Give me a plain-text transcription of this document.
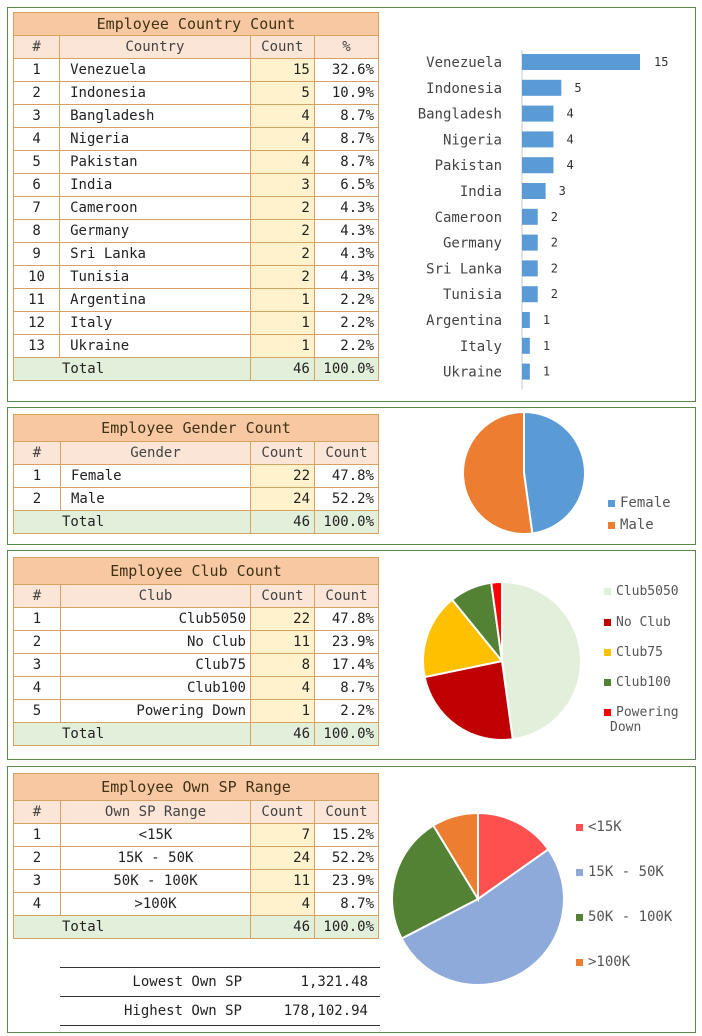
Employee Country Count			
#	Country	Count	%
1	Venezuela	15	32.6%
2	Indonesia	5	10.9%
3	Bangladesh	4	8.7%
4	Nigeria	4	8.7%
5	Pakistan	4	8.7%
6	India	3	6.5%
7	Cameroon	2	4.3%
8	Germany	2	4.3%
9	Sri Lanka	2	4.3%
10	Tunisia	2	4.3%
11	Argentina	1	2.2%
12	Italy	1	2.2%
13	Ukraine	1	2.2%
Total		46	100.0%
Venezuela	15
Indonesia	5
Bangladesh	4
Nigeria	4
Pakistan	4
India	3
Cameroon	2
Germany	2
Sri Lanka	2
Tunisia	2
Argentina	1
Italy	1
Ukraine	1
Employee Gender Count			
#	Gender	Count	Count
1	Female	22	47.8%
2	Male	24	52.2%
Total		46	100.0%
Female
Male
Employee Club Count			
#	Club	Count	Count
1	Club5050	22	47.8%
2	No Club	11	23.9%
3	Club75	8	17.4%
4	Club100	4	8.7%
5	Powering Down	1	2.2%
Total		46	100.0%
Club5050
No Club
Club75
Club100
Powering
Down
Employee Own SP Range			
#	Own SP Range	Count	Count
1	<15K	7	15.2%
2	15K - 50K	24	52.2%
3	50K - 100K	11	23.9%
4	>100K	4	8.7%
Total		46	100.0%
Lowest Own SP	1,321.48
Highest Own SP	178,102.94
<15K
15K - 50K
50K - 100K
>100K
